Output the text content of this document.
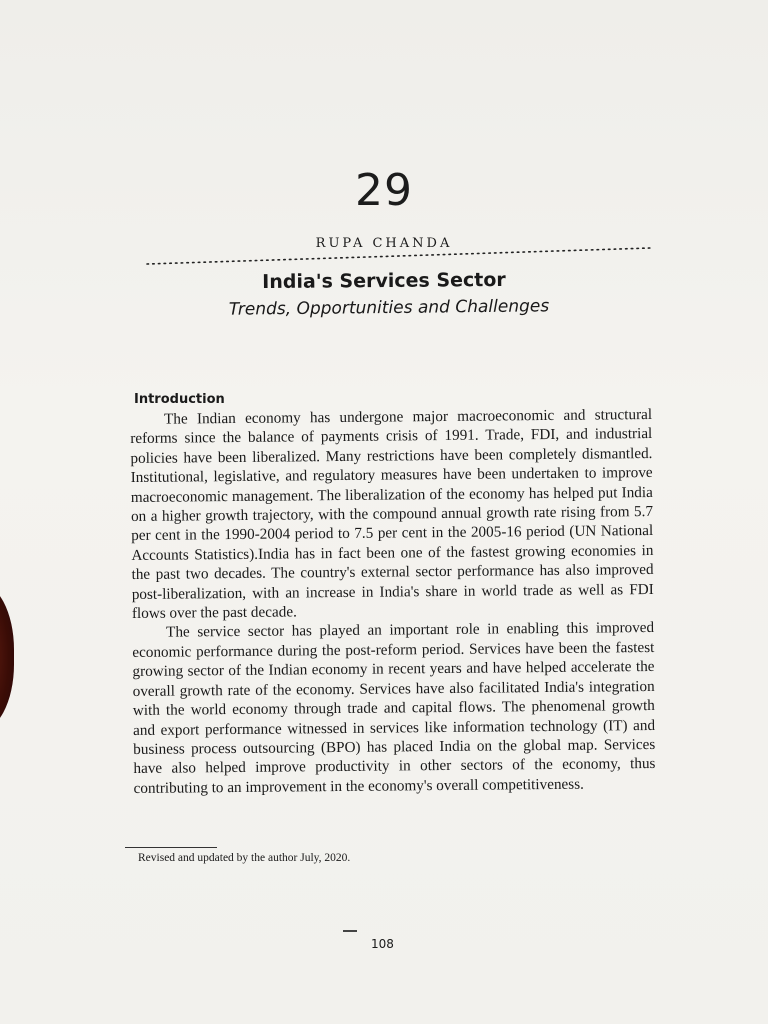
29
RUPA CHANDA
India's Services Sector
Trends, Opportunities and Challenges
Introduction

The Indian economy has undergone major macroeconomic and structural reforms since the balance of payments crisis of 1991. Trade, FDI, and industrial policies have been liberalized. Many restrictions have been completely dismantled. Institutional, legislative, and regulatory measures have been undertaken to improve macroeconomic management. The liberalization of the economy has helped put India on a higher growth trajectory, with the compound annual growth rate rising from 5.7 per cent in the 1990-2004 period to 7.5 per cent in the 2005-16 period (UN National Accounts Statistics).India has in fact been one of the fastest growing economies in the past two decades. The country's external sector performance has also improved post-liberalization, with an increase in India's share in world trade as well as FDI flows over the past decade.

The service sector has played an important role in enabling this improved economic performance during the post-reform period. Services have been the fastest growing sector of the Indian economy in recent years and have helped accelerate the overall growth rate of the economy. Services have also facilitated India's integration with the world economy through trade and capital flows. The phenomenal growth and export performance witnessed in services like information technology (IT) and business process outsourcing (BPO) has placed India on the global map. Services have also helped improve productivity in other sectors of the economy, thus contributing to an improvement in the economy's overall competitiveness.

Revised and updated by the author July, 2020.
108
